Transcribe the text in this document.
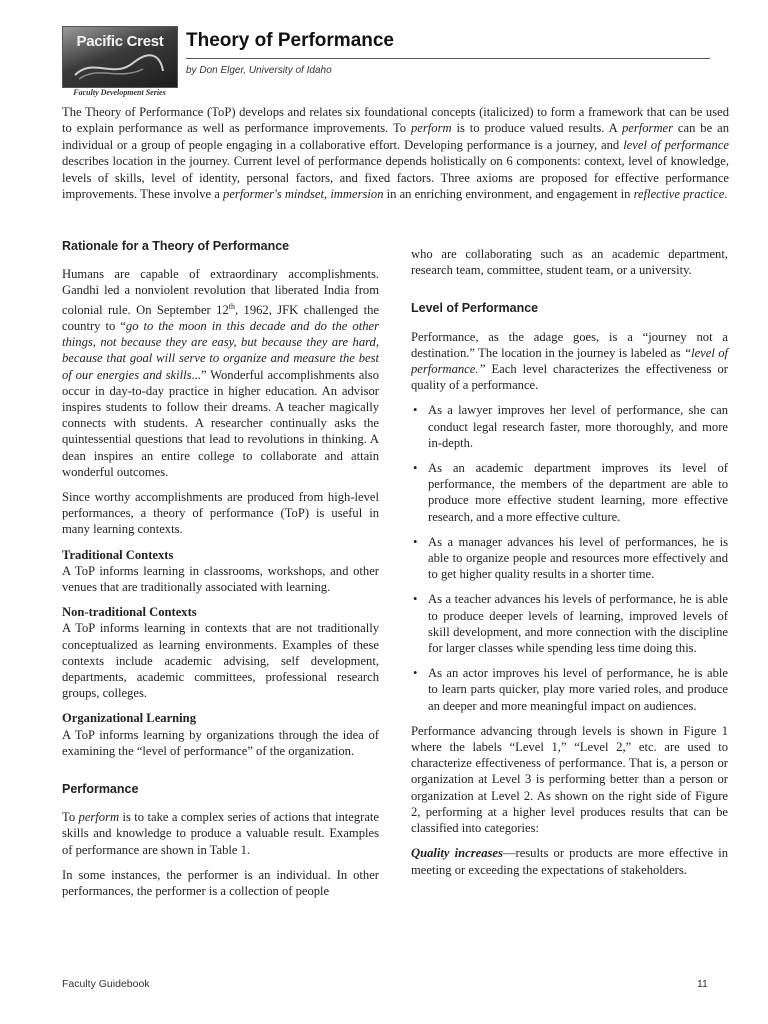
Pacific Crest
Faculty Development Series
Theory of Performance
by Don Elger, University of Idaho
The Theory of Performance (ToP) develops and relates six foundational concepts (italicized) to form a framework that can be used to explain performance as well as performance improvements. To perform is to produce valued results. A performer can be an individual or a group of people engaging in a collaborative effort. Developing performance is a journey, and level of performance describes location in the journey. Current level of performance depends holistically on 6 components: context, level of knowledge, levels of skills, level of identity, personal factors, and fixed factors. Three axioms are proposed for effective performance improvements. These involve a performer's mindset, immersion in an enriching environment, and engagement in reflective practice.
Rationale for a Theory of Performance

Humans are capable of extraordinary accomplishments. Gandhi led a nonviolent revolution that liberated India from colonial rule. On September 12th, 1962, JFK challenged the country to “go to the moon in this decade and do the other things, not because they are easy, but because they are hard, because that goal will serve to organize and measure the best of our energies and skills...” Wonderful accomplishments also occur in day-to-day practice in higher education. An advisor inspires students to follow their dreams. A teacher magically connects with students. A researcher continually asks the quintessential questions that lead to revolutions in thinking. A dean inspires an entire college to collaborate and attain wonderful outcomes.

Since worthy accomplishments are produced from high-level performances, a theory of performance (ToP) is useful in many learning contexts.

Traditional Contexts

A ToP informs learning in classrooms, workshops, and other venues that are traditionally associated with learning.

Non-traditional Contexts

A ToP informs learning in contexts that are not traditionally conceptualized as learning environments. Examples of these contexts include academic advising, self development, departments, academic committees, professional research groups, colleges.

Organizational Learning

A ToP informs learning by organizations through the idea of examining the “level of performance” of the organization.

Performance

To perform is to take a complex series of actions that integrate skills and knowledge to produce a valuable result. Examples of performance are shown in Table 1.

In some instances, the performer is an individual. In other performances, the performer is a collection of people

who are collaborating such as an academic department, research team, committee, student team, or a university.

Level of Performance

Performance, as the adage goes, is a “journey not a destination.” The location in the journey is labeled as “level of performance.” Each level characterizes the effectiveness or quality of a performance.

• As a lawyer improves her level of performance, she can conduct legal research faster, more thoroughly, and more in-depth.
• As an academic department improves its level of performance, the members of the department are able to produce more effective student learning, more effective research, and a more effective culture.
• As a manager advances his level of performances, he is able to organize people and resources more effectively and to get higher quality results in a shorter time.
• As a teacher advances his levels of performance, he is able to produce deeper levels of learning, improved levels of skill development, and more connection with the discipline for larger classes while spending less time doing this.
• As an actor improves his level of performance, he is able to learn parts quicker, play more varied roles, and produce an deeper and more meaningful impact on audiences.

Performance advancing through levels is shown in Figure 1 where the labels “Level 1,” “Level 2,” etc. are used to characterize effectiveness of performance. That is, a person or organization at Level 3 is performing better than a person or organization at Level 2. As shown on the right side of Figure 2, performing at a higher level produces results that can be classified into categories:

Quality increases—results or products are more effective in meeting or exceeding the expectations of stakeholders.

Faculty Guidebook	11
